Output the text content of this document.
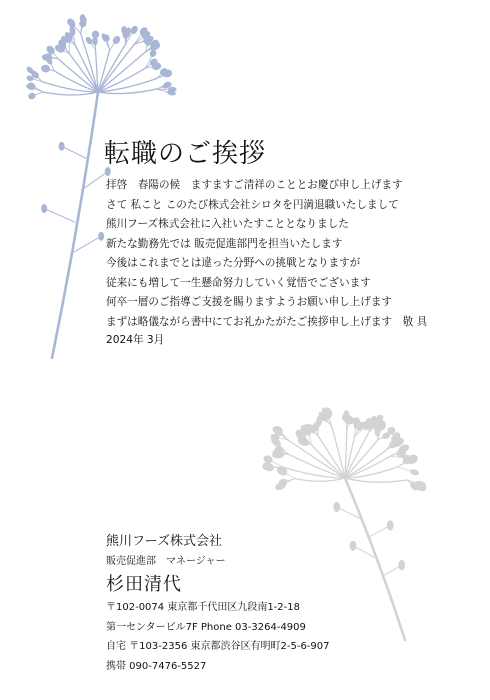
転職のご挨拶
拝啓　春陽の候　ますますご清祥のこととお慶び申し上げます
さて 私こと このたび株式会社シロタを円満退職いたしまして
熊川フーズ株式会社に入社いたすこととなりました
新たな勤務先では 販売促進部門を担当いたします
今後はこれまでとは違った分野への挑戦となりますが
従来にも増して一生懸命努力していく覚悟でございます
何卒一層のご指導ご支援を賜りますようお願い申し上げます
まずは略儀ながら書中にてお礼かたがたご挨拶申し上げます　敬 具
2024年 3月
熊川フーズ株式会社
販売促進部　マネージャー
杉田清代
〒102-0074 東京都千代田区九段南1-2-18
第一センタービル7F Phone 03-3264-4909
自宅 〒103-2356 東京都渋谷区有明町2-5-6-907
携帯 090-7476-5527
